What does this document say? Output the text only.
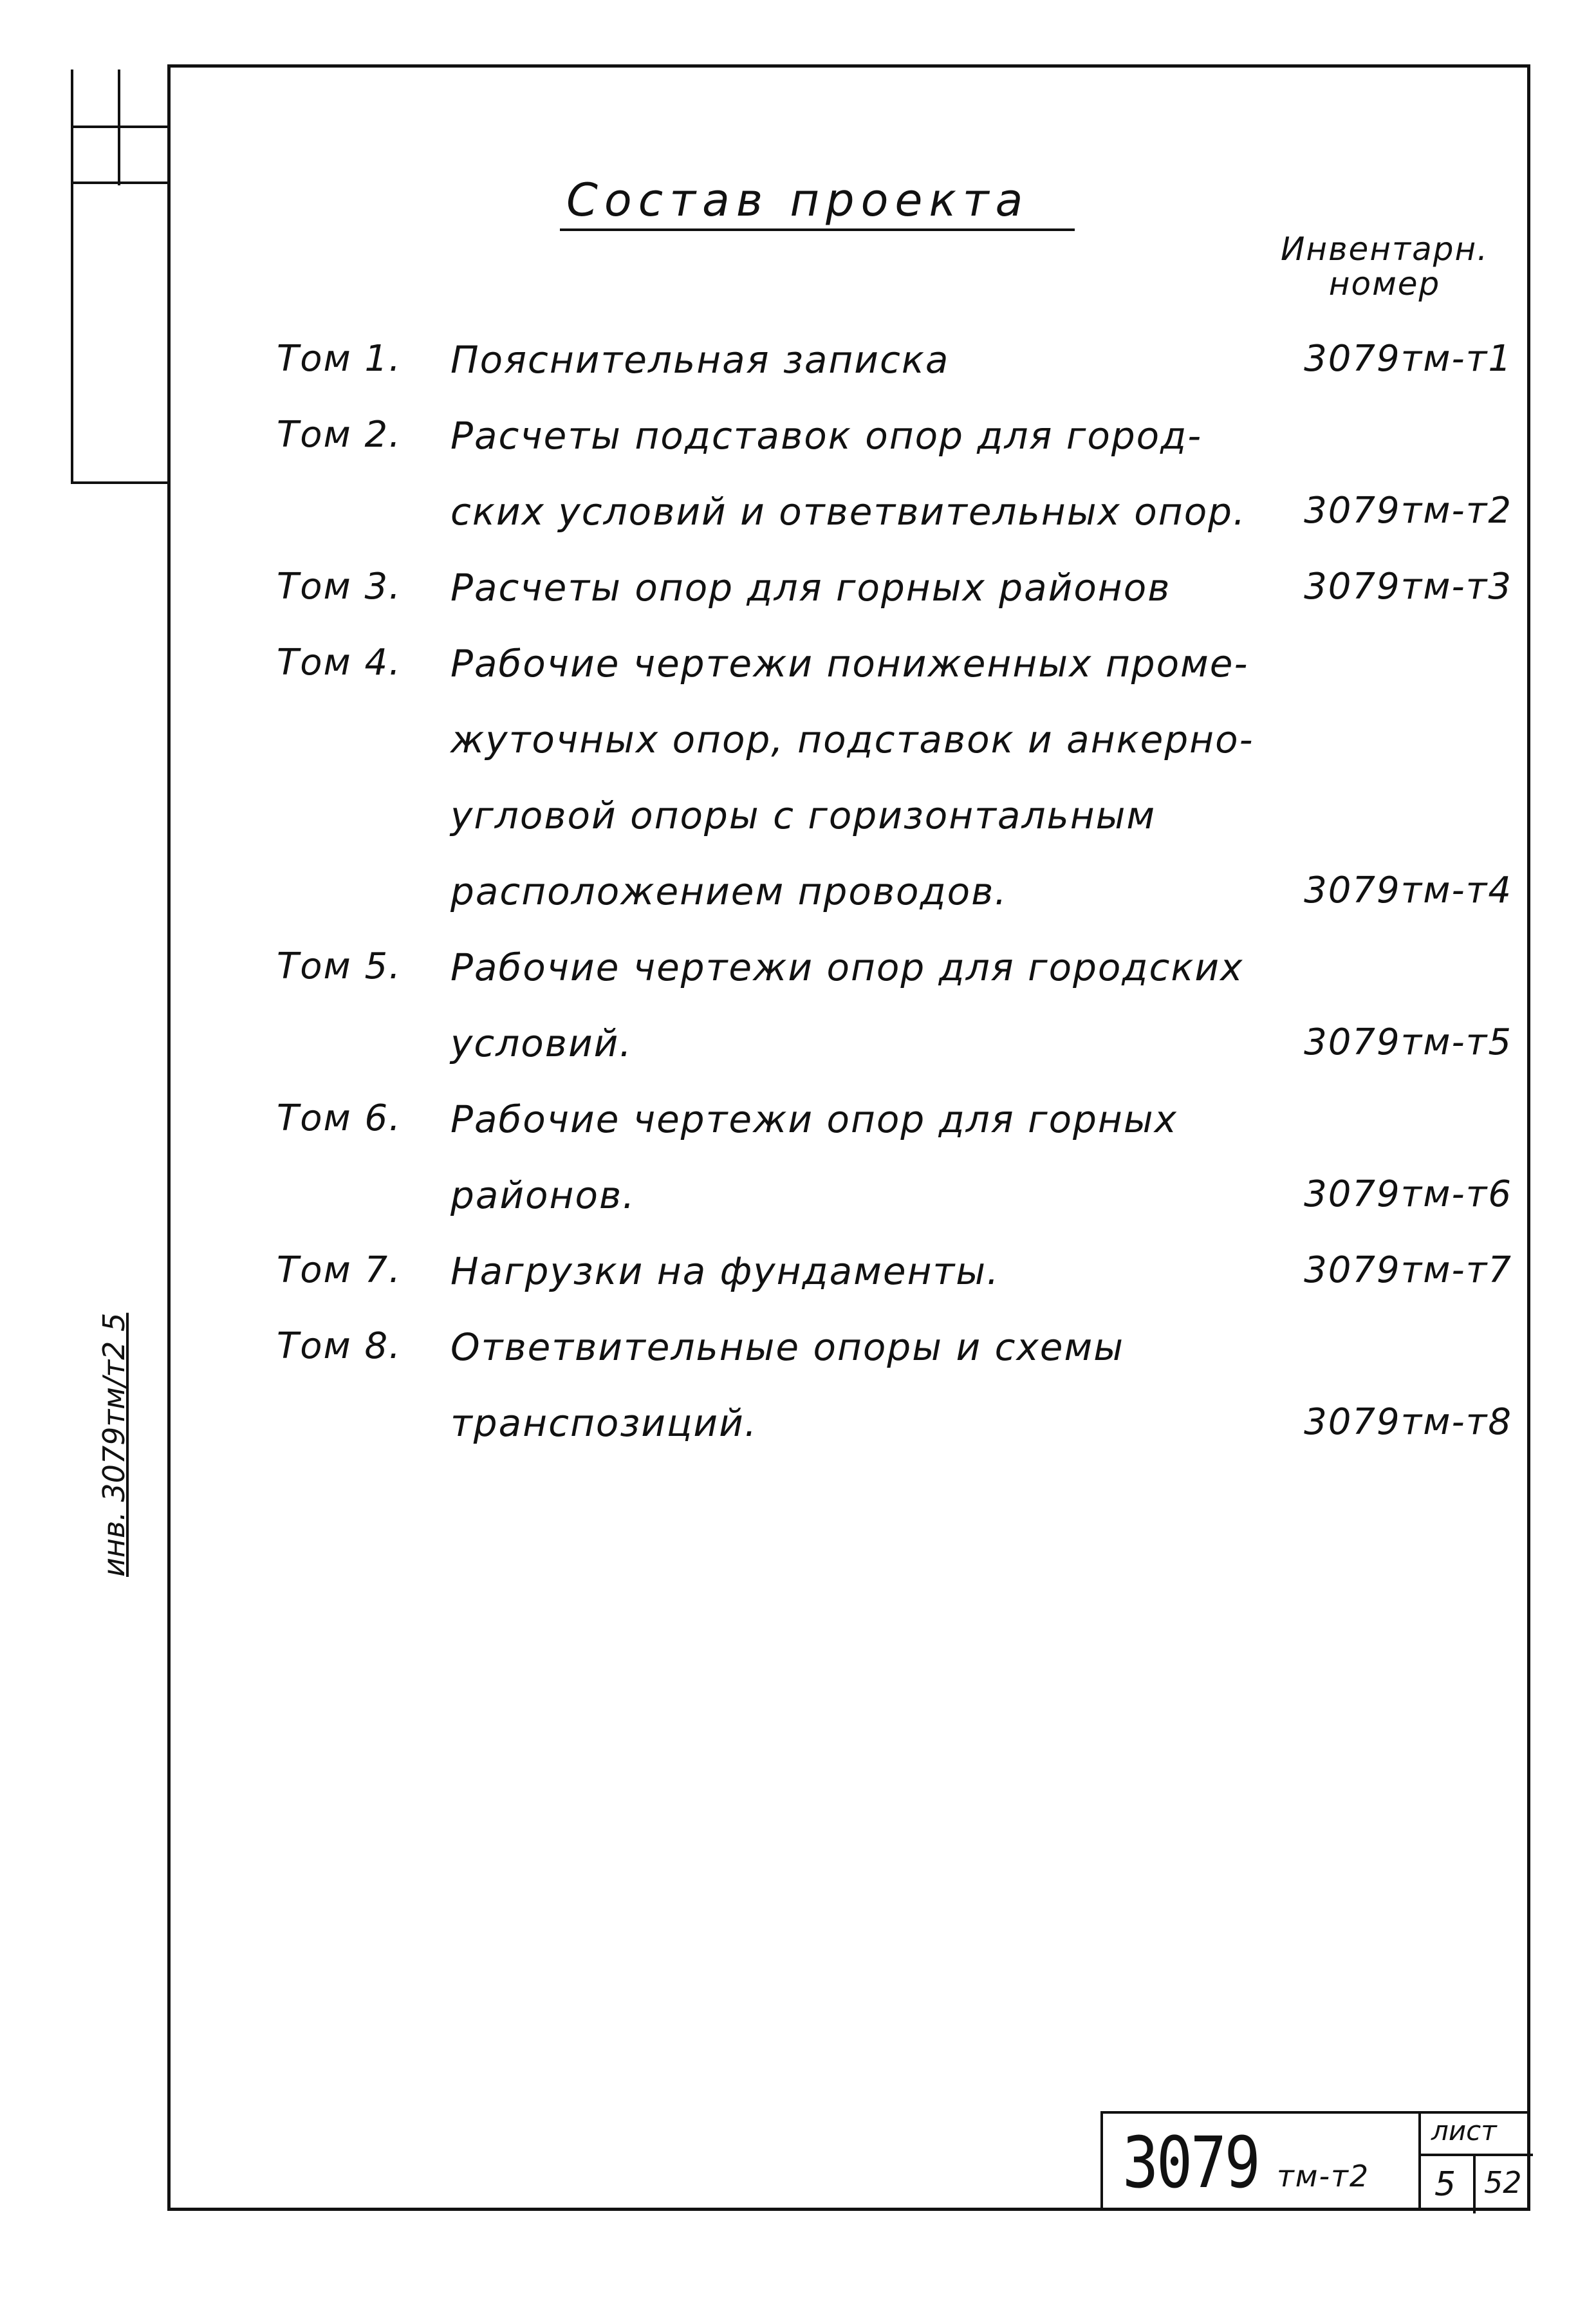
Состав проекта
Инвентарн.
номер
Том 1. Пояснительная записка	3079тм-т1
Том 2. Расчеты подставок опор для город-
ских условий и ответвительных опор. 3079тм-т2
Том 3. Расчеты опор для горных районов	3079тм-т3
Том 4. Рабочие чертежи пониженных проме-
жуточных опор, подставок и анкерно-
угловой опоры с горизонтальным
расположением проводов.	3079тм-т4
Том 5. Рабочие чертежи опор для городских
условий.	3079тм-т5
Том 6. Рабочие чертежи опор для горных
районов.	3079тм-т6
Том 7. Нагрузки на фундаменты.	3079тм-т7
Том 8. Ответвительные опоры и схемы
транспозиций.	3079тм-т8
инв. 3079тм/т2 5
3079 тм-т2
лист
5 52
